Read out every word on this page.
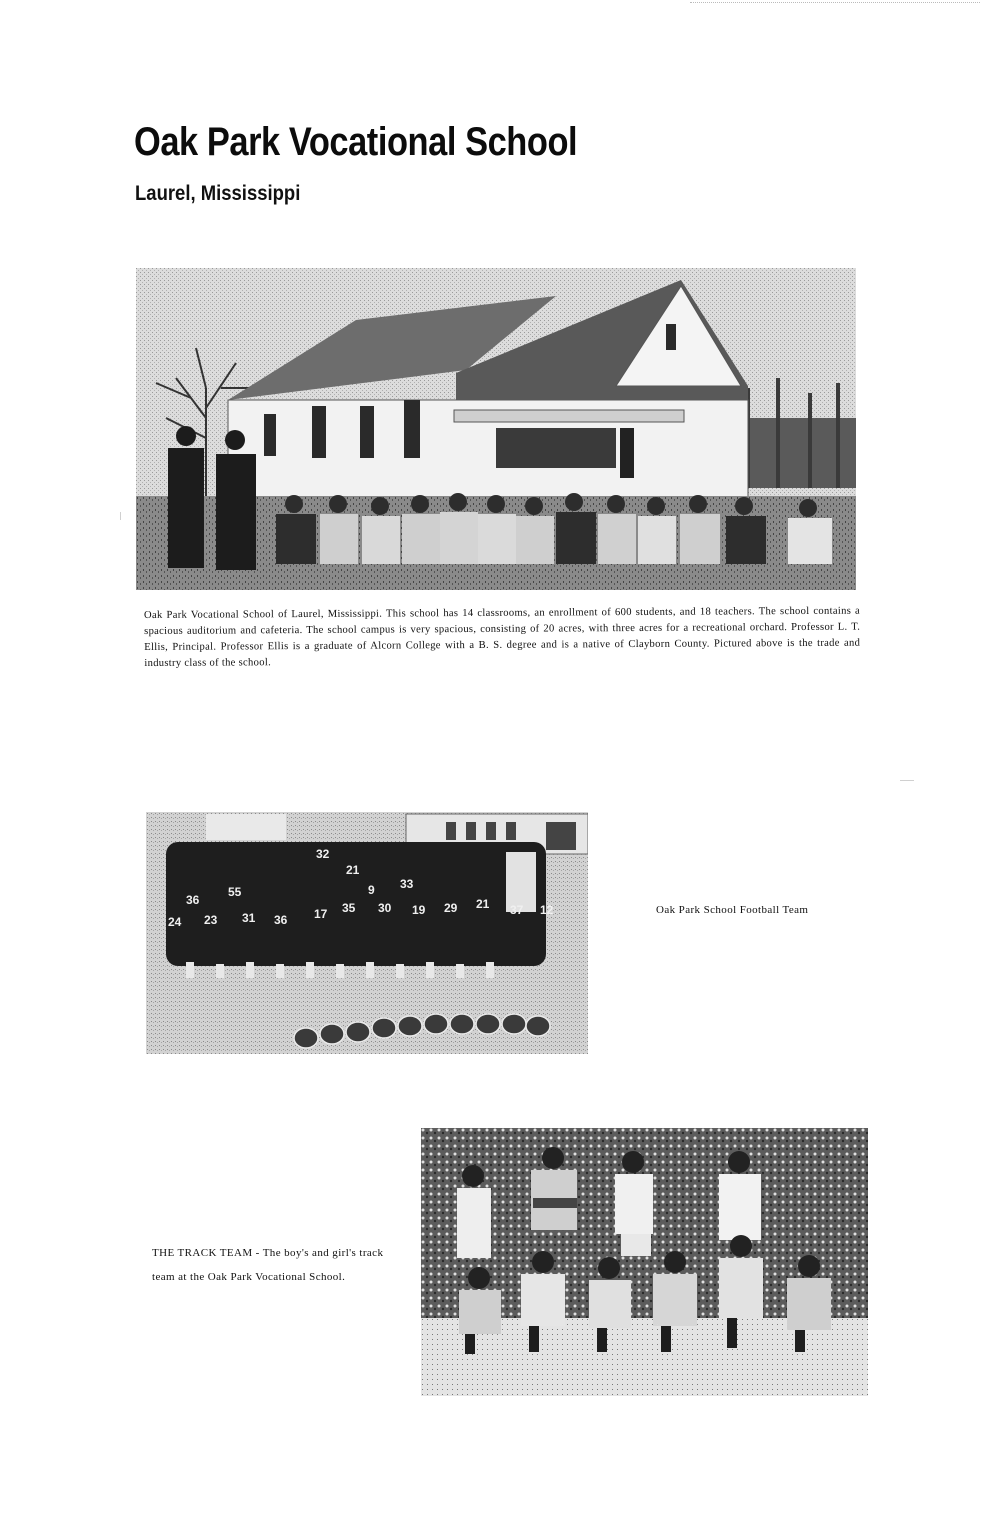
Oak Park Vocational School
Laurel, Mississippi

Oak Park Vocational School of Laurel, Mississippi. This school has 14 classrooms, an enrollment of 600 students, and 18 teachers. The school contains a spacious auditorium and cafeteria. The school campus is very spacious, consisting of 20 acres, with three acres for a recreational orchard. Professor L. T. Ellis, Principal. Professor Ellis is a graduate of Alcorn College with a B. S. degree and is a native of Clayborn County. Pictured above is the trade and industry class of the school.

36
55
24 23 31 36 17 35 30 19 29 21 37 12
33
32
21
9

Oak Park School Football Team

THE TRACK TEAM - The boy's and girl's track team at the Oak Park Vocational School.
